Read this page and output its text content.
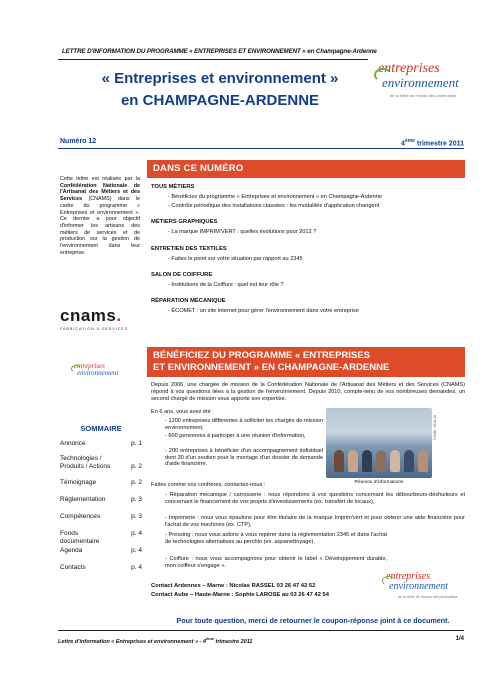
LETTRE D'INFORMATION DU PROGRAMME « ENTREPRISES ET ENVIRONNEMENT » en Champagne-Ardenne
« Entreprises et environnement »
en CHAMPAGNE-ARDENNE
entreprises
environnement
de la lettre de réseau des partenaires
Numéro 12	4ème trimestre 2011
Cette lettre est réalisée par la Confédération Nationale de l'Artisanat des Métiers et des Services (CNAMS) dans le cadre du programme « Entreprises et environnement ». Ce dernier a pour objectif d'informer les artisans des métiers de services et de production sur la gestion de l'environnement dans leur entreprise.
cnams.
FABRICATION & SERVICES
entreprises
environnement
SOMMAIRE
Annonce	p. 1
Technologies / Produits / Actions	p. 2
Témoignage	p. 2
Réglementation	p. 3
Compétences	p. 3
Fonds documentaire
p. 4
Agenda	p. 4
Contacts	p. 4
DANS CE NUMÉRO
TOUS MÉTIERS
- Bénéficiez du programme « Entreprises et environnement » en Champagne-Ardenne
- Contrôle périodique des installations classées : les modalités d'application changent
MÉTIERS GRAPHIQUES
- La marque IMPRIM'VERT : quelles évolutions pour 2012 ?
ENTRETIEN DES TEXTILES
- Faites le point sur votre situation par rapport au 2345
SALON DE COIFFURE
- Institutions de la Coiffure : quel est leur rôle ?
RÉPARATION MÉCANIQUE
- ÉCOMET : un site internet pour gérer l'environnement dans votre entreprise
BÉNÉFICIEZ DU PROGRAMME « ENTREPRISES
ET ENVIRONNEMENT » EN CHAMPAGNE-ARDENNE
Depuis 2006, une chargée de mission de la Confédération Nationale de l'Artisanat des Métiers et des Services (CNAMS) répond à vos questions liées à la gestion de l'environnement. Depuis 2010, compte-tenu de vos nombreuses demandes, un second chargé de mission vous apporte son expertise.
En 6 ans, vous avez été :
- 1200 entreprises différentes à solliciter les chargés de mission environnement,
- 600 personnes à participer à une réunion d'information,
- 200 entreprises à bénéficier d'un accompagnement individuel dont 30 d'un soutien pour le montage d'un dossier de demande d'aide financière.
Crédit : CNA 10
Réunion d'informations
Faites comme vos confrères, contactez-nous :
- Réparation mécanique / carrosserie : nous répondons à vos questions concernant les débourbeurs-déshuileurs et concernant le financement de vos projets d'investissements (ex. transfert de locaux),
- Imprimerie : nous vous épaulons pour être titulaire de la marque Imprim'vert et pour obtenir une aide financière pour l'achat de vos machines (ex. CTP),
- Pressing : nous vous aidons à vous repérer dans la réglementation 2345 et dans l'achat de technologies alternatives au perchlo (ex. aquanettoyage),
- Coiffure : nous vous accompagnons pour obtenir le label « Développement durable, mon coiffeur s'engage ».
entreprises
environnement
de la lettre de réseau des partenaires
Contact Ardennes – Marne : Nicolas RASSEL 03 26 47 42 52
Contact Aube – Haute-Marne : Sophie LAROSE au 03 26 47 42 54
Pour toute question, merci de retourner le coupon-réponse joint à ce document.
Lettre d'information « Entreprises et environnement » - 4ème trimestre 2011	1/4
